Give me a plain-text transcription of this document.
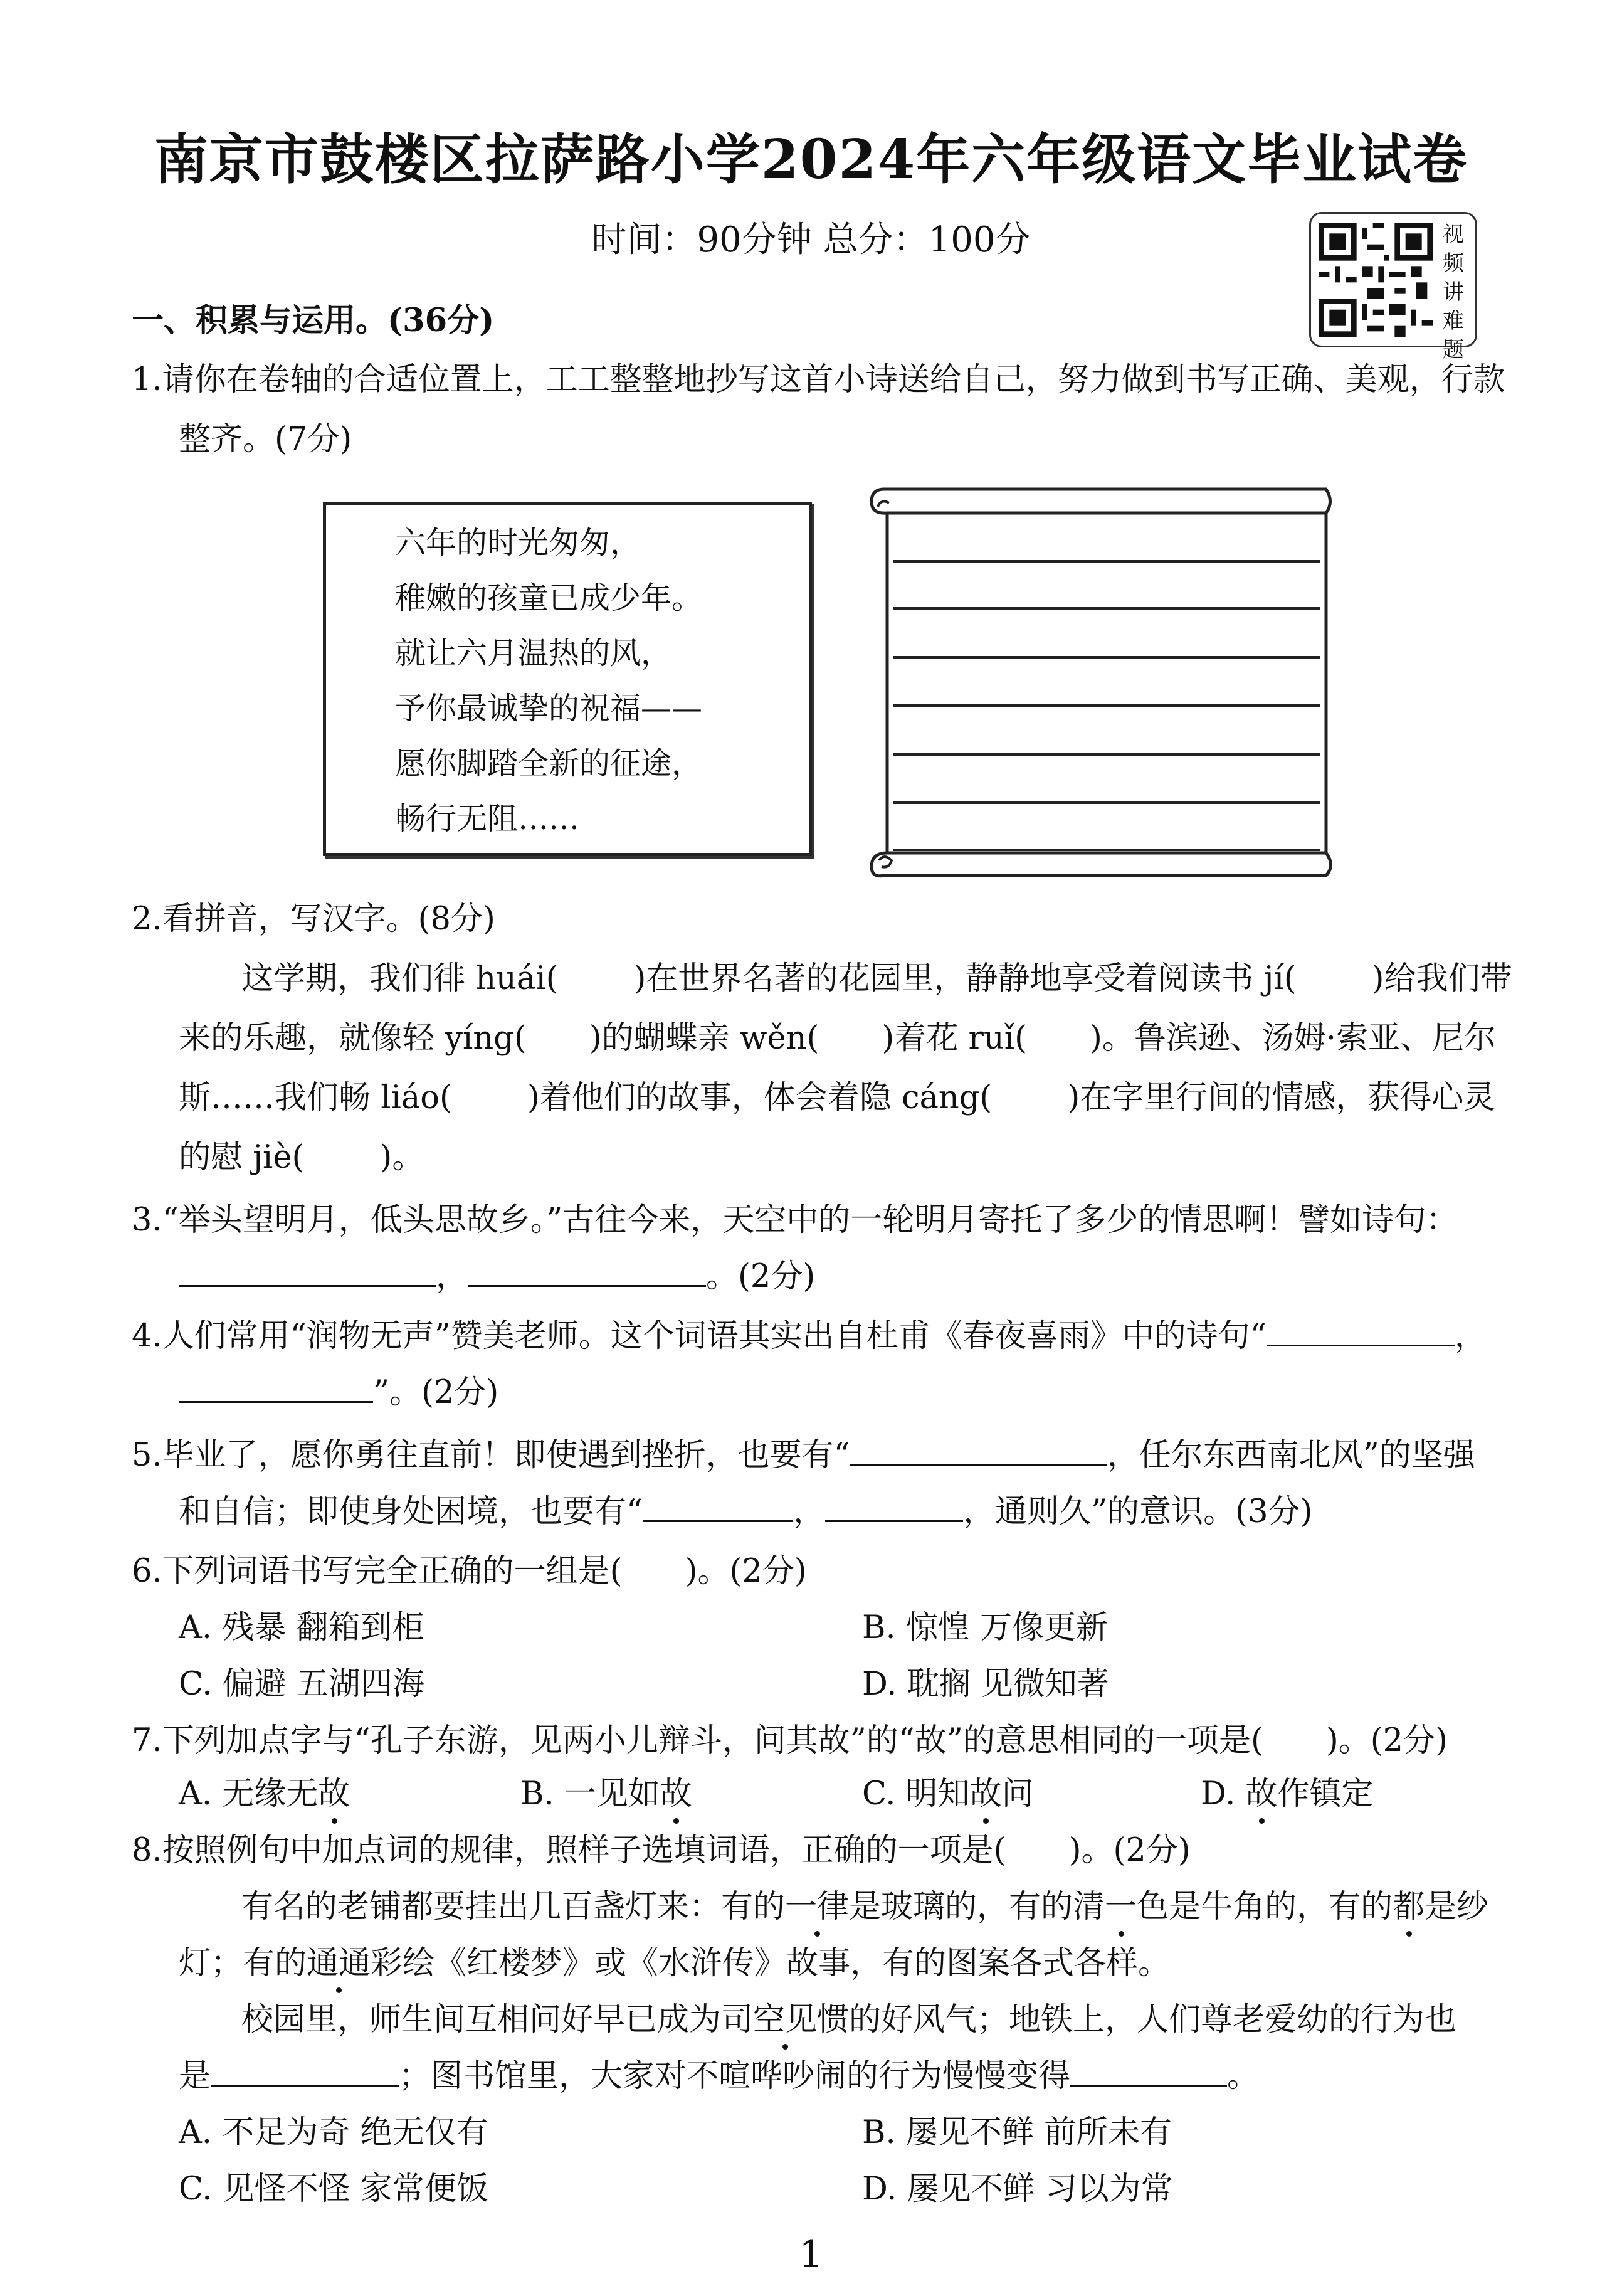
南京市鼓楼区拉萨路小学2024年六年级语文毕业试卷
时间：90分钟 总分：100分	视
频
讲
难
题
一、积累与运用。(36分)
1.请你在卷轴的合适位置上，工工整整地抄写这首小诗送给自己，努力做到书写正确、美观，行款
整齐。(7分)
六年的时光匆匆，
稚嫩的孩童已成少年。
就让六月温热的风，
予你最诚挚的祝福——
愿你脚踏全新的征途，
畅行无阻……
2.看拼音，写汉字。(8分)
这学期，我们徘 huái( )在世界名著的花园里，静静地享受着阅读书 jí( )给我们带
来的乐趣，就像轻 yíng( )的蝴蝶亲 wěn( )着花 ruǐ( )。鲁滨逊、汤姆·索亚、尼尔
斯……我们畅 liáo( )着他们的故事，体会着隐 cáng( )在字里行间的情感，获得心灵
的慰 jiè( )。
3.“举头望明月，低头思故乡。”古往今来，天空中的一轮明月寄托了多少的情思啊！譬如诗句：
，	。(2分)
4.人们常用“润物无声”赞美老师。这个词语其实出自杜甫《春夜喜雨》中的诗句“	，
”。(2分)
5.毕业了，愿你勇往直前！即使遇到挫折，也要有“	，任尔东西南北风”的坚强
和自信；即使身处困境，也要有“	，	，通则久”的意识。(3分)
6.下列词语书写完全正确的一组是( )。(2分)
A. 残暴 翻箱到柜	B. 惊惶 万像更新
C. 偏避 五湖四海	D. 耽搁 见微知著
7.下列加点字与“孔子东游，见两小儿辩斗，问其故”的“故”的意思相同的一项是( )。(2分)
A. 无缘无故	B. 一见如故	C. 明知故问	D. 故作镇定
8.按照例句中加点词的规律，照样子选填词语，正确的一项是( )。(2分)
有名的老铺都要挂出几百盏灯来：有的一律是玻璃的，有的清一色是牛角的，有的都是纱
灯；有的通通彩绘《红楼梦》或《水浒传》故事，有的图案各式各样。
校园里，师生间互相问好早已成为司空见惯的好风气；地铁上，人们尊老爱幼的行为也
是	；图书馆里，大家对不喧哗吵闹的行为慢慢变得	。
A. 不足为奇 绝无仅有	B. 屡见不鲜 前所未有
C. 见怪不怪 家常便饭	D. 屡见不鲜 习以为常
1
